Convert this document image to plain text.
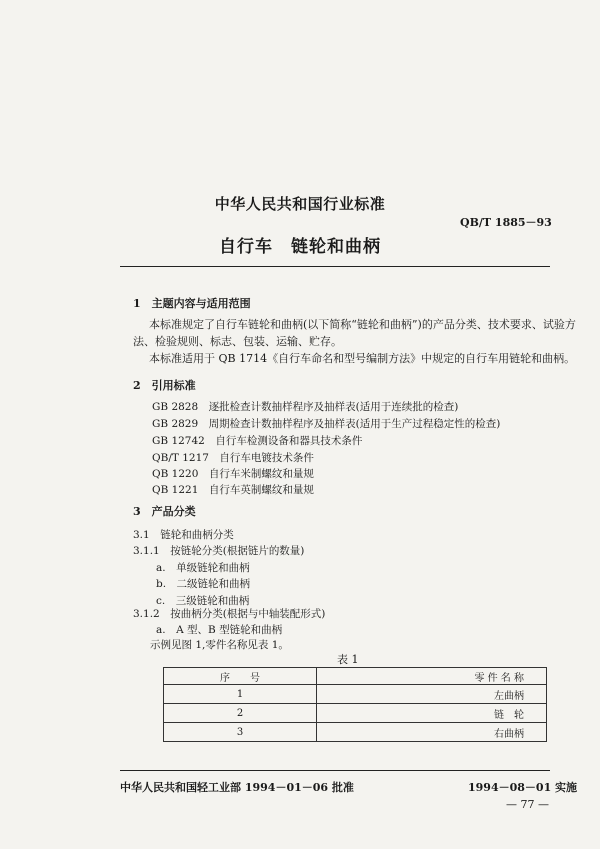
中华人民共和国行业标准
QB/T 1885－93
自行车　链轮和曲柄
1　主题内容与适用范围
本标准规定了自行车链轮和曲柄(以下简称“链轮和曲柄”)的产品分类、技术要求、试验方
法、检验规则、标志、包装、运输、贮存。
本标准适用于 QB 1714《自行车命名和型号编制方法》中规定的自行车用链轮和曲柄。
2　引用标准
GB 2828　逐批检查计数抽样程序及抽样表(适用于连续批的检查)
GB 2829　周期检查计数抽样程序及抽样表(适用于生产过程稳定性的检查)
GB 12742　自行车检测设备和器具技术条件
QB/T 1217　自行车电镀技术条件
QB 1220　自行车米制螺纹和量规
QB 1221　自行车英制螺纹和量规
3　产品分类
3.1　链轮和曲柄分类
3.1.1　按链轮分类(根据链片的数量)
a.　单级链轮和曲柄
b.　二级链轮和曲柄
c.　三级链轮和曲柄
3.1.2　按曲柄分类(根据与中轴装配形式)
a.　A 型、B 型链轮和曲柄
示例见图 1,零件名称见表 1。
表 1
序　　号	零 件 名 称
1	左曲柄
2	链　轮
3	右曲柄
中华人民共和国轻工业部 1994－01－06 批准	1994－08－01 实施
— 77 —
